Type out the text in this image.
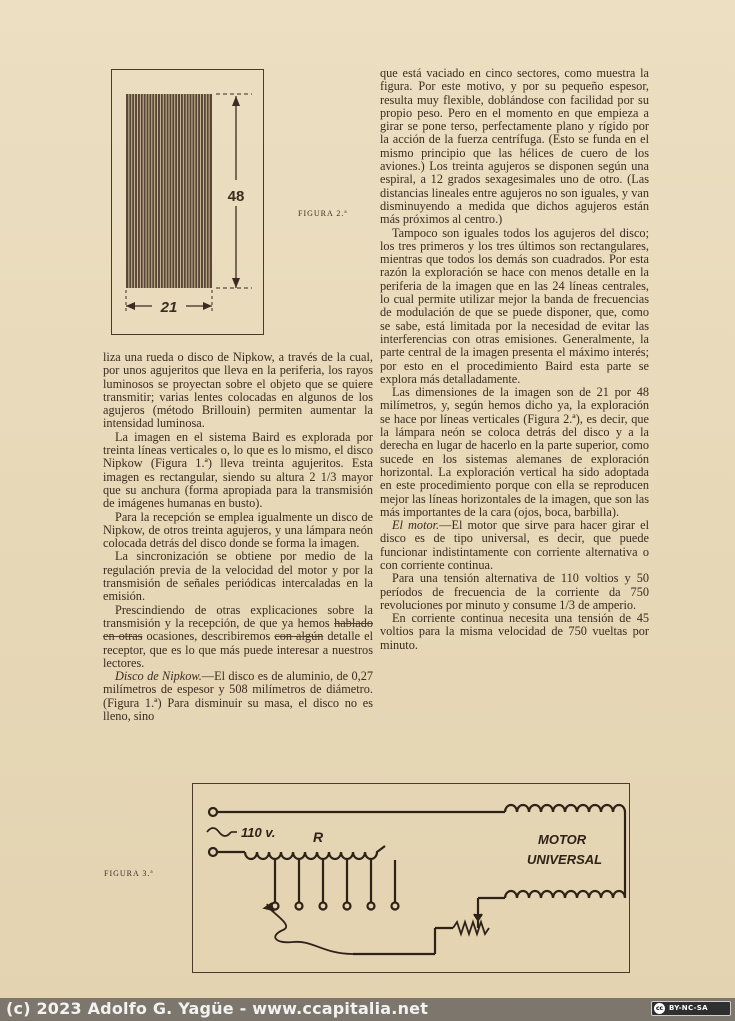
48
21
FIGURA 2.ª

liza una rueda o disco de Nipkow, a través de la cual, por unos agujeritos que lleva en la periferia, los rayos luminosos se proyectan sobre el objeto que se quiere transmitir; varias lentes colocadas en algunos de los agujeros (método Brillouin) permiten aumentar la intensidad luminosa.

La imagen en el sistema Baird es explorada por treinta líneas verticales o, lo que es lo mismo, el disco Nipkow (Figura 1.ª) lleva treinta agujeritos. Esta imagen es rectangular, siendo su altura 2 1/3 mayor que su anchura (forma apropiada para la transmisión de imágenes humanas en busto).

Para la recepción se emplea igualmente un disco de Nipkow, de otros treinta agujeros, y una lámpara neón colocada detrás del disco donde se forma la imagen.

La sincronización se obtiene por medio de la regulación previa de la velocidad del motor y por la transmisión de señales periódicas intercaladas en la emisión.

Prescindiendo de otras explicaciones sobre la transmisión y la recepción, de que ya hemos hablado en otras ocasiones, describiremos con algún detalle el receptor, que es lo que más puede interesar a nuestros lectores.

Disco de Nipkow.—El disco es de aluminio, de 0,27 milímetros de espesor y 508 milímetros de diámetro. (Figura 1.ª) Para disminuir su masa, el disco no es lleno, sino

que está vaciado en cinco sectores, como muestra la figura. Por este motivo, y por su pequeño espesor, resulta muy flexible, doblándose con facilidad por su propio peso. Pero en el momento en que empieza a girar se pone terso, perfectamente plano y rígido por la acción de la fuerza centrífuga. (Esto se funda en el mismo principio que las hélices de cuero de los aviones.) Los treinta agujeros se disponen según una espiral, a 12 grados sexagesimales uno de otro. (Las distancias lineales entre agujeros no son iguales, y van disminuyendo a medida que dichos agujeros están más próximos al centro.)

Tampoco son iguales todos los agujeros del disco; los tres primeros y los tres últimos son rectangulares, mientras que todos los demás son cuadrados. Por esta razón la exploración se hace con menos detalle en la periferia de la imagen que en las 24 líneas centrales, lo cual permite utilizar mejor la banda de frecuencias de modulación de que se puede disponer, que, como se sabe, está limitada por la necesidad de evitar las interferencias con otras emisiones. Generalmente, la parte central de la imagen presenta el máximo interés; por esto en el procedimiento Baird esta parte se explora más detalladamente.

Las dimensiones de la imagen son de 21 por 48 milímetros, y, según hemos dicho ya, la exploración se hace por líneas verticales (Figura 2.ª), es decir, que la lámpara neón se coloca detrás del disco y a la derecha en lugar de hacerlo en la parte superior, como sucede en los sistemas alemanes de exploración horizontal. La exploración vertical ha sido adoptada en este procedimiento porque con ella se reproducen mejor las líneas horizontales de la imagen, que son las más importantes de la cara (ojos, boca, barbilla).

El motor.—El motor que sirve para hacer girar el disco es de tipo universal, es decir, que puede funcionar indistintamente con corriente alternativa o con corriente continua.

Para una tensión alternativa de 110 voltios y 50 períodos de frecuencia de la corriente da 750 revoluciones por minuto y consume 1/3 de amperio.

En corriente continua necesita una tensión de 45 voltios para la misma velocidad de 750 vueltas por minuto.

FIGURA 3.ª
110 v.	R	MOTOR
UNIVERSAL
(c) 2023 Adolfo G. Yagüe - www.ccapitalia.net	cc BY-NC-SA
